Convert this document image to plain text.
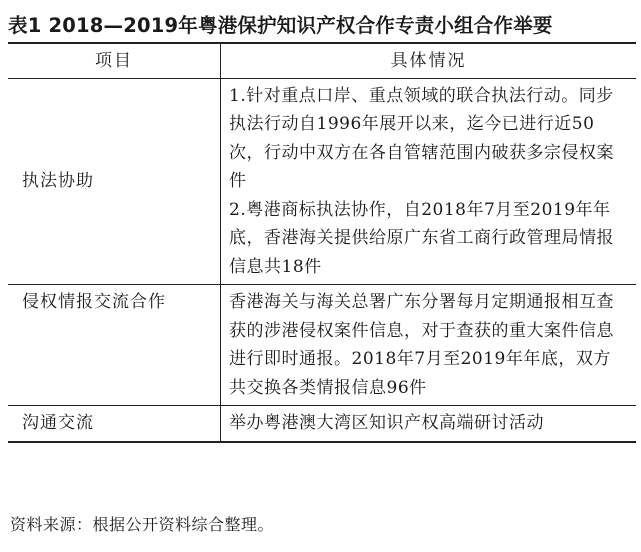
表1 2018—2019年粤港保护知识产权合作专责小组合作举要
项目	具体情况
执法协助	1.针对重点口岸、重点领域的联合执法行动。同步执法行动自1996年展开以来，迄今已进行近50次，行动中双方在各自管辖范围内破获多宗侵权案件

2.粤港商标执法协作，自2018年7月至2019年年底，香港海关提供给原广东省工商行政管理局情报信息共18件

侵权情报交流合作	香港海关与海关总署广东分署每月定期通报相互查获的涉港侵权案件信息，对于查获的重大案件信息进行即时通报。2018年7月至2019年年底，双方共交换各类情报信息96件

沟通交流	举办粤港澳大湾区知识产权高端研讨活动

资料来源：根据公开资料综合整理。
